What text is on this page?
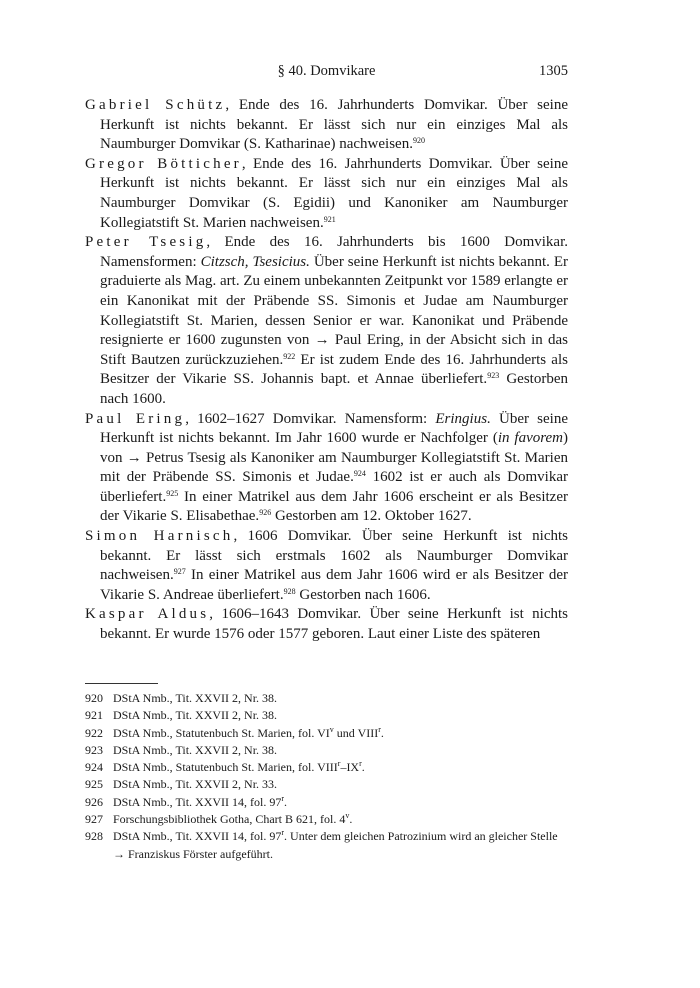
§ 40. Domvikare	1305

Gabriel Schütz, Ende des 16. Jahrhunderts Domvikar. Über seine Herkunft ist nichts bekannt. Er lässt sich nur ein einziges Mal als Naumburger Domvikar (S. Katharinae) nachweisen.$^{920}$

Gregor Bötticher, Ende des 16. Jahrhunderts Domvikar. Über seine Herkunft ist nichts bekannt. Er lässt sich nur ein einziges Mal als Naumburger Domvikar (S. Egidii) und Kanoniker am Naumburger Kollegiatstift St. Marien nachweisen.$^{921}$

Peter Tsesig, Ende des 16. Jahrhunderts bis 1600 Domvikar. Namensformen: Citzsch, Tsesicius. Über seine Herkunft ist nichts bekannt. Er graduierte als Mag. art. Zu einem unbekannten Zeitpunkt vor 1589 erlangte er ein Kanonikat mit der Präbende SS. Simonis et Judae am Naumburger Kollegiatstift St. Marien, dessen Senior er war. Kanonikat und Präbende resignierte er 1600 zugunsten von → Paul Ering, in der Absicht sich in das Stift Bautzen zurückzuziehen.$^{922}$ Er ist zudem Ende des 16. Jahrhunderts als Besitzer der Vikarie SS. Johannis bapt. et Annae überliefert.$^{923}$ Gestorben nach 1600.

Paul Ering, 1602–1627 Domvikar. Namensform: Eringius. Über seine Herkunft ist nichts bekannt. Im Jahr 1600 wurde er Nachfolger (in favorem) von → Petrus Tsesig als Kanoniker am Naumburger Kollegiatstift St. Marien mit der Präbende SS. Simonis et Judae.$^{924}$ 1602 ist er auch als Domvikar überliefert.$^{925}$ In einer Matrikel aus dem Jahr 1606 erscheint er als Besitzer der Vikarie S. Elisabethae.$^{926}$ Gestorben am 12. Oktober 1627.

Simon Harnisch, 1606 Domvikar. Über seine Herkunft ist nichts bekannt. Er lässt sich erstmals 1602 als Naumburger Domvikar nachweisen.$^{927}$ In einer Matrikel aus dem Jahr 1606 wird er als Besitzer der Vikarie S. Andreae überliefert.$^{928}$ Gestorben nach 1606.

Kaspar Aldus, 1606–1643 Domvikar. Über seine Herkunft ist nichts bekannt. Er wurde 1576 oder 1577 geboren. Laut einer Liste des späteren

920 DStA Nmb., Tit. XXVII 2, Nr. 38.
921 DStA Nmb., Tit. XXVII 2, Nr. 38.
922 DStA Nmb., Statutenbuch St. Marien, fol. $VI^v$ und VIII$^r$.
923 DStA Nmb., Tit. XXVII 2, Nr. 38.
924 DStA Nmb., Statutenbuch St. Marien, fol. $VIII^r-IX^r$.
925 DStA Nmb., Tit. XXVII 2, Nr. 33.
926 DStA Nmb., Tit. XXVII 14, fol. 97$^r$.
927 Forschungsbibliothek Gotha, Chart B 621, fol. 4$^v$.
928 DStA Nmb., Tit. XXVII 14, fol. 97$^r$. Unter dem gleichen Patrozinium wird an gleicher Stelle → Franziskus Förster aufgeführt.
